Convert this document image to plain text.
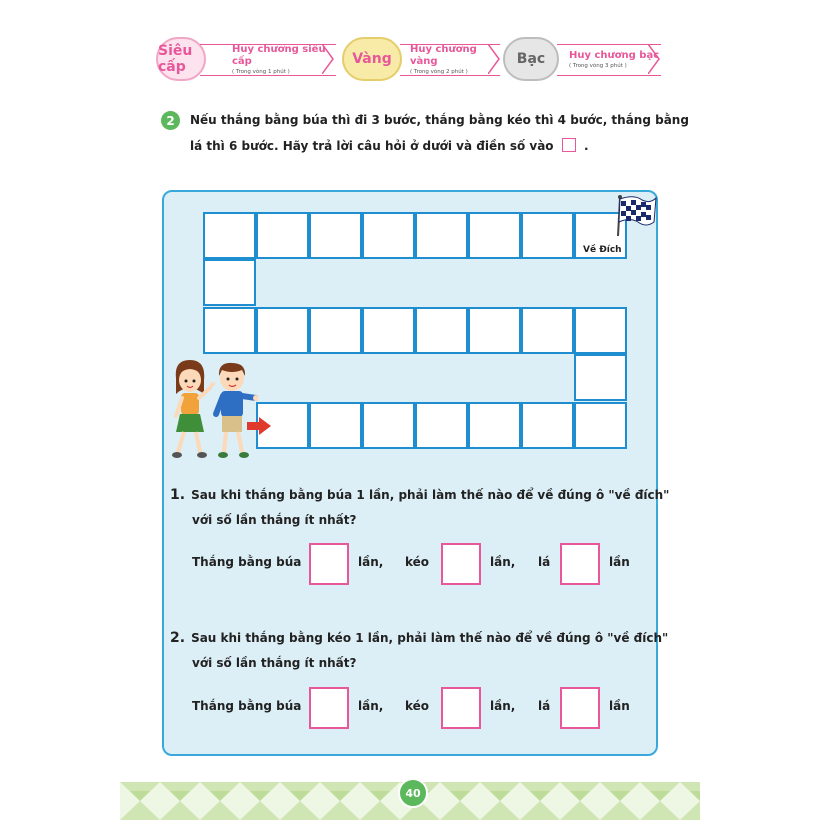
Siêu cấp
Huy chương siêu cấp
( Trong vòng 1 phút )
Vàng
Huy chương vàng
( Trong vòng 2 phút )
Bạc Huy chương bạc
( Trong vòng 3 phút )
2 Nếu thắng bằng búa thì đi 3 bước, thắng bằng kéo thì 4 bước, thắng bằng
lá thì 6 bước. Hãy trả lời câu hỏi ở dưới và điền số vào	.
Về Đích
1. Sau khi thắng bằng búa 1 lần, phải làm thế nào để về đúng ô "về đích"
với số lần thắng ít nhất?
Thắng bằng búa	lần, kéo	lần, lá	lần
2. Sau khi thắng bằng kéo 1 lần, phải làm thế nào để về đúng ô "về đích"
với số lần thắng ít nhất?
Thắng bằng búa	lần, kéo	lần, lá	lần
40
